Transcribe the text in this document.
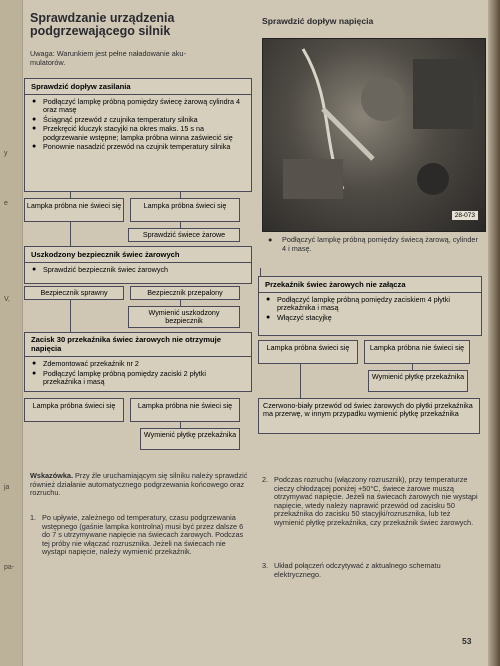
y
e
V,
ja
pa-
Sprawdzanie urządzenia
podgrzewającego silnik
Uwaga: Warunkiem jest pełne naładowanie aku-
mulatorów.
Sprawdzić dopływ zasilania
● Podłączyć lampkę próbną pomiędzy świecę żarową cylindra 4 oraz masę
● Ściągnąć przewód z czujnika temperatury silnika
● Przekręcić kluczyk stacyjki na okres maks. 15 s na podgrzewanie wstępne; lampka próbna winna zaświecić się
● Ponownie nasadzić przewód na czujnik temperatury silnika
Lampka próbna nie świeci się	Lampka próbna świeci się
Sprawdzić świece żarowe
Uszkodzony bezpiecznik świec żarowych
● Sprawdzić bezpiecznik świec żarowych
Bezpiecznik sprawny	Bezpiecznik przepalony
Wymienić uszkodzony bezpiecznik
Zacisk 30 przekaźnika świec żarowych nie otrzymuje napięcia
● Zdemontować przekaźnik nr 2
● Podłączyć lampkę próbną pomiędzy zaciski 2 płytki przekaźnika i masą
Lampka próbna świeci się	Lampka próbna nie świeci się
Wymienić płytkę przekaźnika
Wskazówka. Przy źle uruchamiającym się silniku należy sprawdzić również działanie automatycznego podgrzewania końcowego oraz rozruchu.
1. Po upływie, zależnego od temperatury, czasu podgrzewania wstępnego (gaśnie lampka kontrolna) musi być przez dalsze 6 do 7 s utrzymywane napięcie na świecach żarowych. Podczas tej próby nie włączać rozrusznika. Jeżeli na świecach nie wystąpi napięcie, należy wymienić przekaźnik.
Sprawdzić dopływ napięcia
28-073
● Podłączyć lampkę próbną pomiędzy świecą żarową, cylinder 4 i masę.
Przekaźnik świec żarowych nie załącza
● Podłączyć lampkę próbną pomiędzy zaciskiem 4 płytki przekaźnika i masą
● Włączyć stacyjkę
Lampka próbna świeci się	Lampka próbna nie świeci się
Wymienić płytkę przekaźnika
Czerwono-biały przewód od świec żarowych do płytki przekaźnika ma przerwę, w innym przypadku wymienić płytkę przekaźnika
2. Podczas rozruchu (włączony rozrusznik), przy temperaturze cieczy chłodzącej poniżej +50°C, świece żarowe muszą otrzymywać napięcie. Jeżeli na świecach żarowych nie wystąpi napięcie, wtedy należy naprawić przewód od zacisku 50 przekaźnika do zacisku 50 stacyjki/rozrusznika, lub też wymienić płytkę przekaźnika, czy przekaźnik świec żarowych.
3. Układ połączeń odczytywać z aktualnego schematu elektrycznego.
53
